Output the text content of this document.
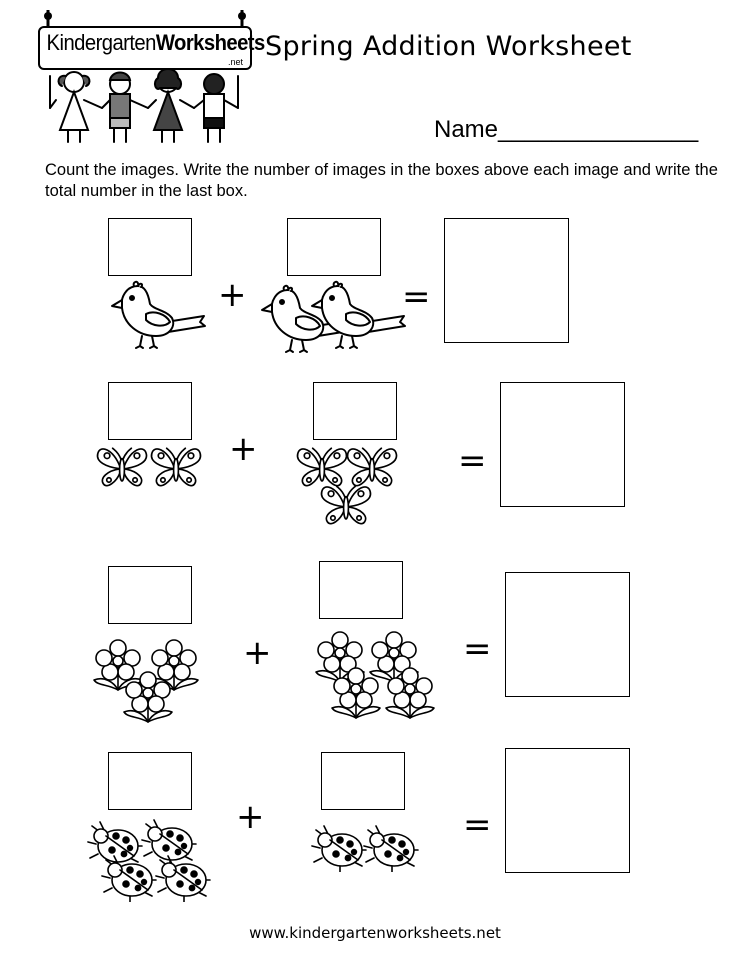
KindergartenWorksheets
.net Spring Addition Worksheet
Name_______________
Count the images. Write the number of images in the boxes above each image and write the total number in the last box.
+	=
+	=
+	=
+	=
www.kindergartenworksheets.net
